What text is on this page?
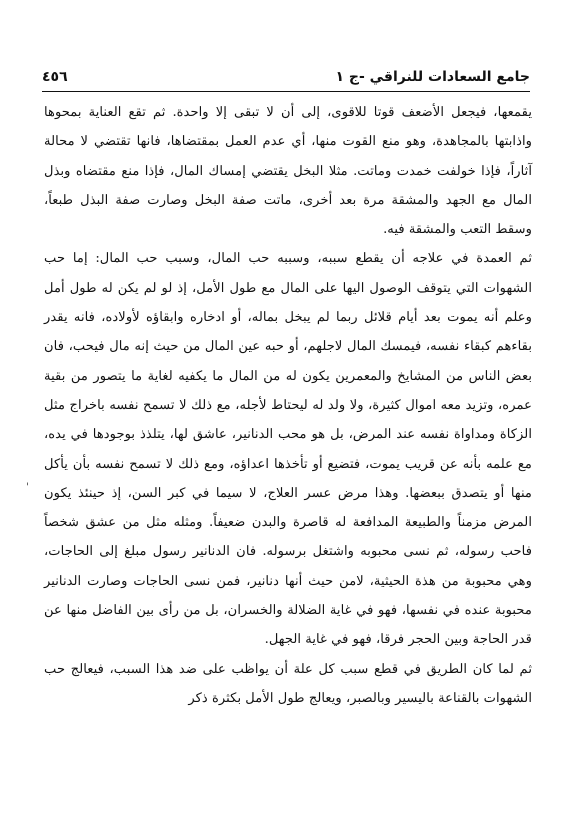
٤٥٦	جامع السعادات للنراقي -ج ١

يقمعها، فيجعل الأضعف قوتا للاقوى، إلى أن لا تبقى إلا واحدة. ثم تقع العناية بمحوها واذابتها بالمجاهدة، وهو منع القوت منها، أي عدم العمل بمقتضاها، فانها تقتضي لا محالة آثاراً، فإذا خولفت خمدت وماتت. مثلا البخل يقتضي إمساك المال، فإذا منع مقتضاه وبذل المال مع الجهد والمشقة مرة بعد أخرى، ماتت صفة البخل وصارت صفة البذل طبعاً، وسقط التعب والمشقة فيه.

ثم العمدة في علاجه أن يقطع سببه، وسببه حب المال، وسبب حب المال: إما حب الشهوات التي يتوقف الوصول اليها على المال مع طول الأمل، إذ لو لم يكن له طول أمل وعلم أنه يموت بعد أيام قلائل ربما لم يبخل بماله، أو ادخاره وابقاؤه لأولاده، فانه يقدر بقاءهم كبقاء نفسه، فيمسك المال لاجلهم، أو حبه عين المال من حيث إنه مال فيحب، فان بعض الناس من المشايخ والمعمرين يكون له من المال ما يكفيه لغاية ما يتصور من بقية عمره، وتزيد معه اموال كثيرة، ولا ولد له ليحتاط لأجله، مع ذلك لا تسمح نفسه باخراج مثل الزكاة ومداواة نفسه عند المرض، بل هو محب الدنانير، عاشق لها، يتلذذ بوجودها في يده، مع علمه بأنه عن قريب يموت، فتضيع أو تأخذها اعداؤه، ومع ذلك لا تسمح نفسه بأن يأكل منها أو يتصدق ببعضها. وهذا مرض عسر العلاج، لا سيما في كبر السن، إذ حينئذ يكون المرض مزمناً والطبيعة المدافعة له قاصرة والبدن ضعيفاً. ومثله مثل من عشق شخصاً فاحب رسوله، ثم نسى محبوبه واشتغل برسوله. فان الدنانير رسول مبلغ إلى الحاجات، وهي محبوبة من هذة الحيثية، لامن حيث أنها دنانير، فمن نسى الحاجات وصارت الدنانير محبوبة عنده في نفسها، فهو في غاية الضلالة والخسران، بل من رأى بين الفاضل منها عن قدر الحاجة وبين الحجر فرقا، فهو في غاية الجهل.

ثم لما كان الطريق في قطع سبب كل علة أن يواظب على ضد هذا السبب، فيعالج حب الشهوات بالقناعة باليسير وبالصبر، ويعالج طول الأمل بكثرة ذكر

'
